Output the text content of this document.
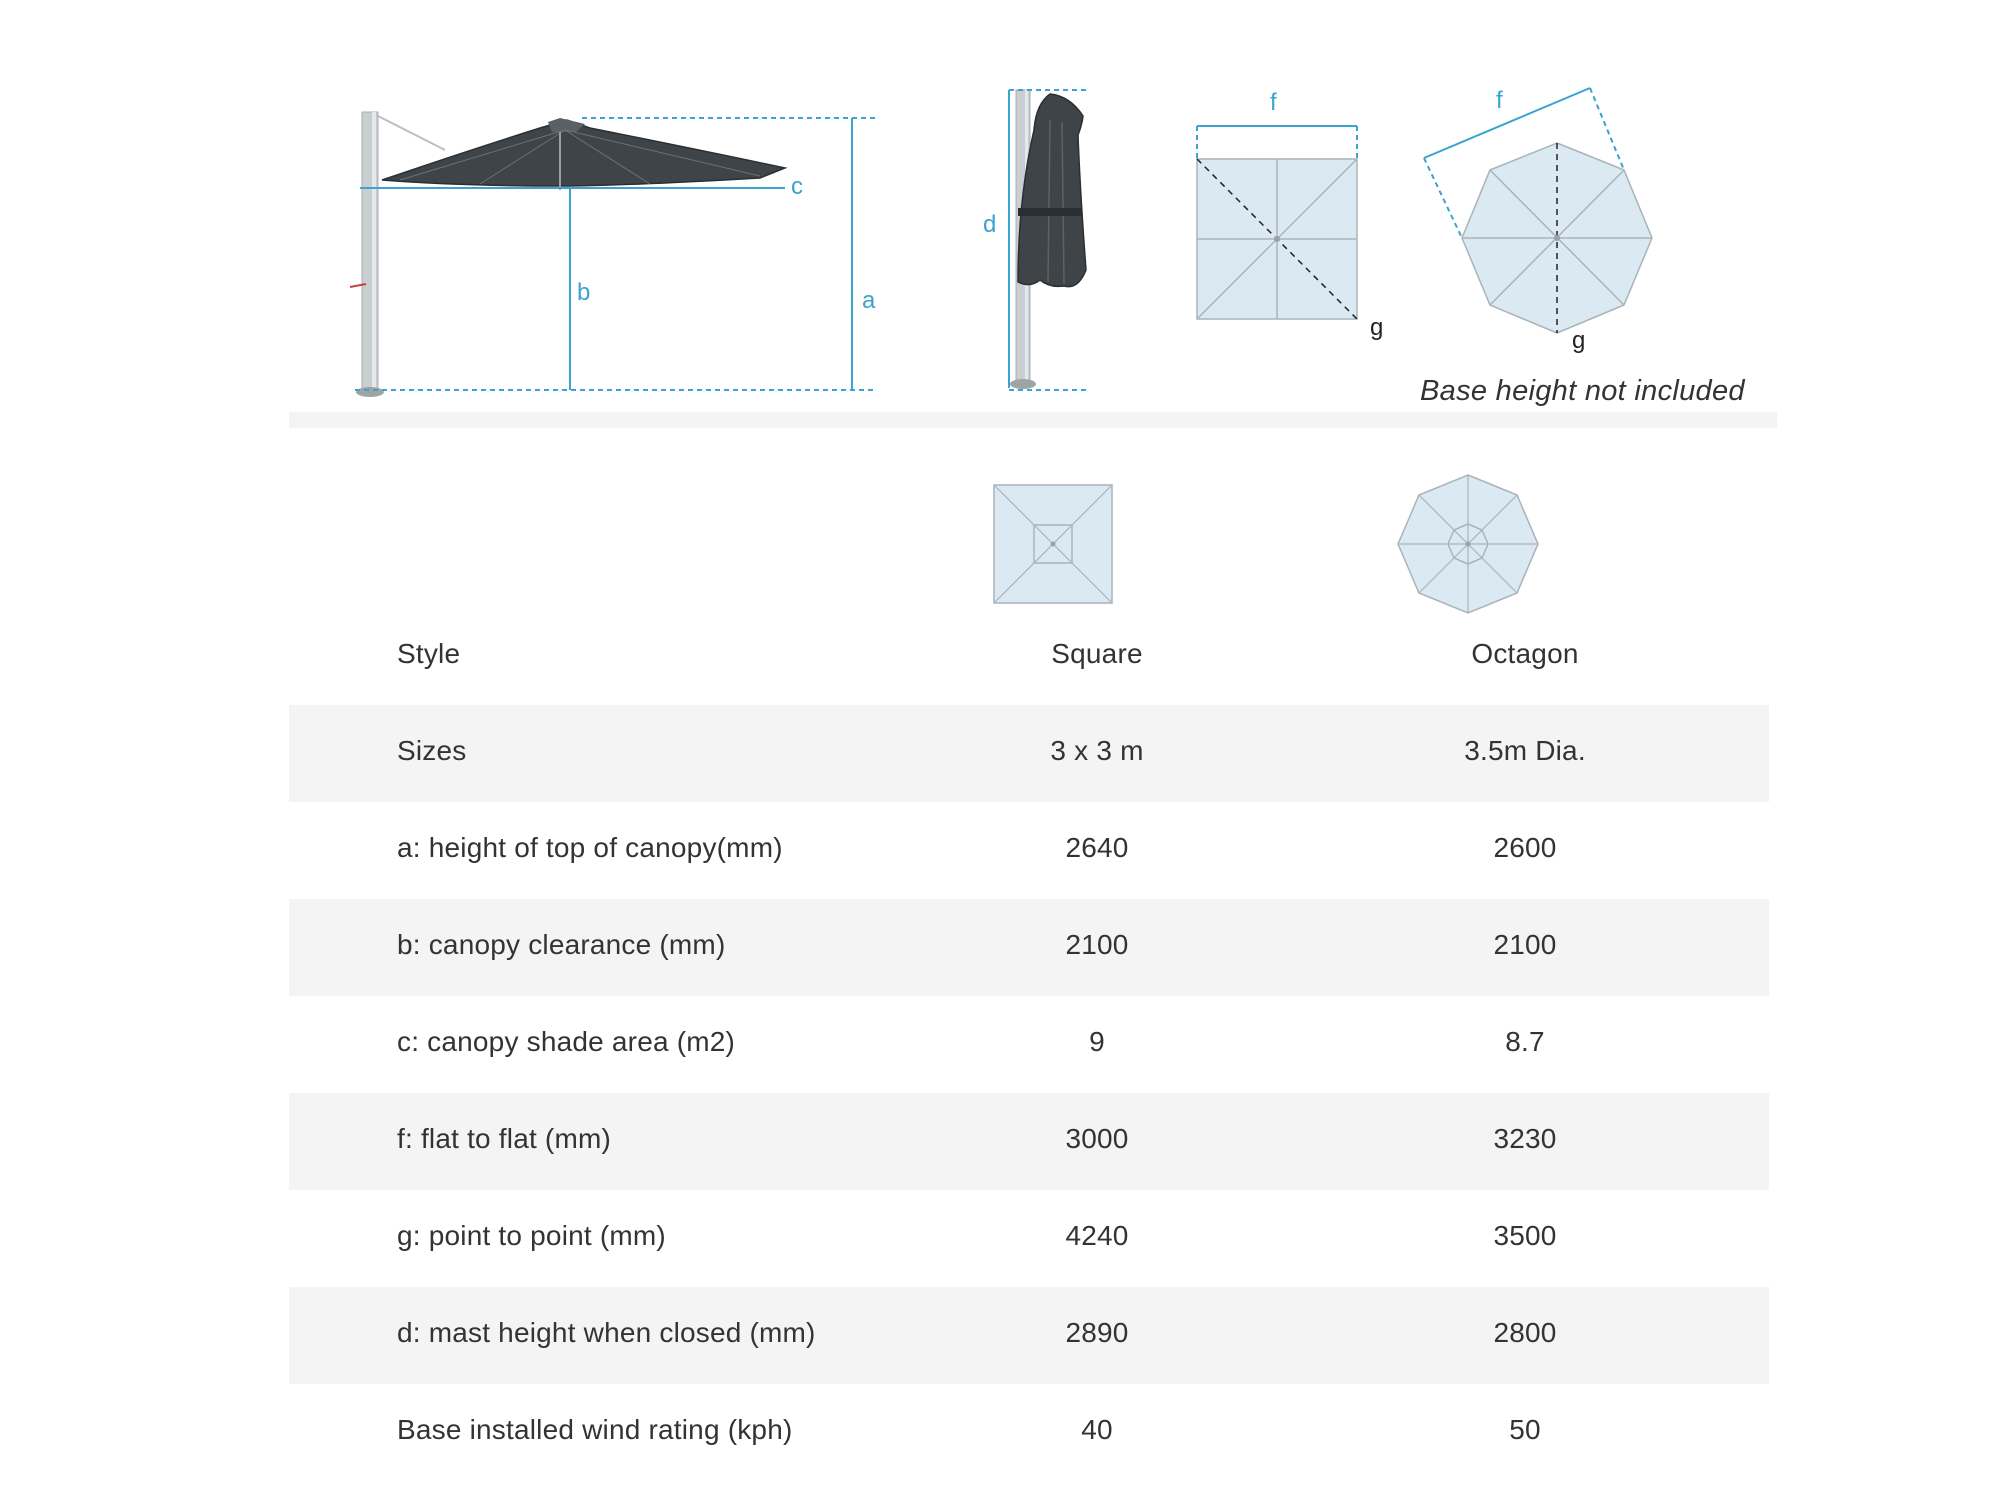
c
b	a
d
f
g
f
g
Base height not included
Style	Square	Octagon
Sizes	3 x 3 m	3.5m Dia.
a: height of top of canopy(mm)	2640	2600
b: canopy clearance (mm)	2100	2100
c: canopy shade area (m2)	9	8.7
f: flat to flat (mm)	3000	3230
g: point to point (mm)	4240	3500
d: mast height when closed (mm)	2890	2800
Base installed wind rating (kph)	40	50
